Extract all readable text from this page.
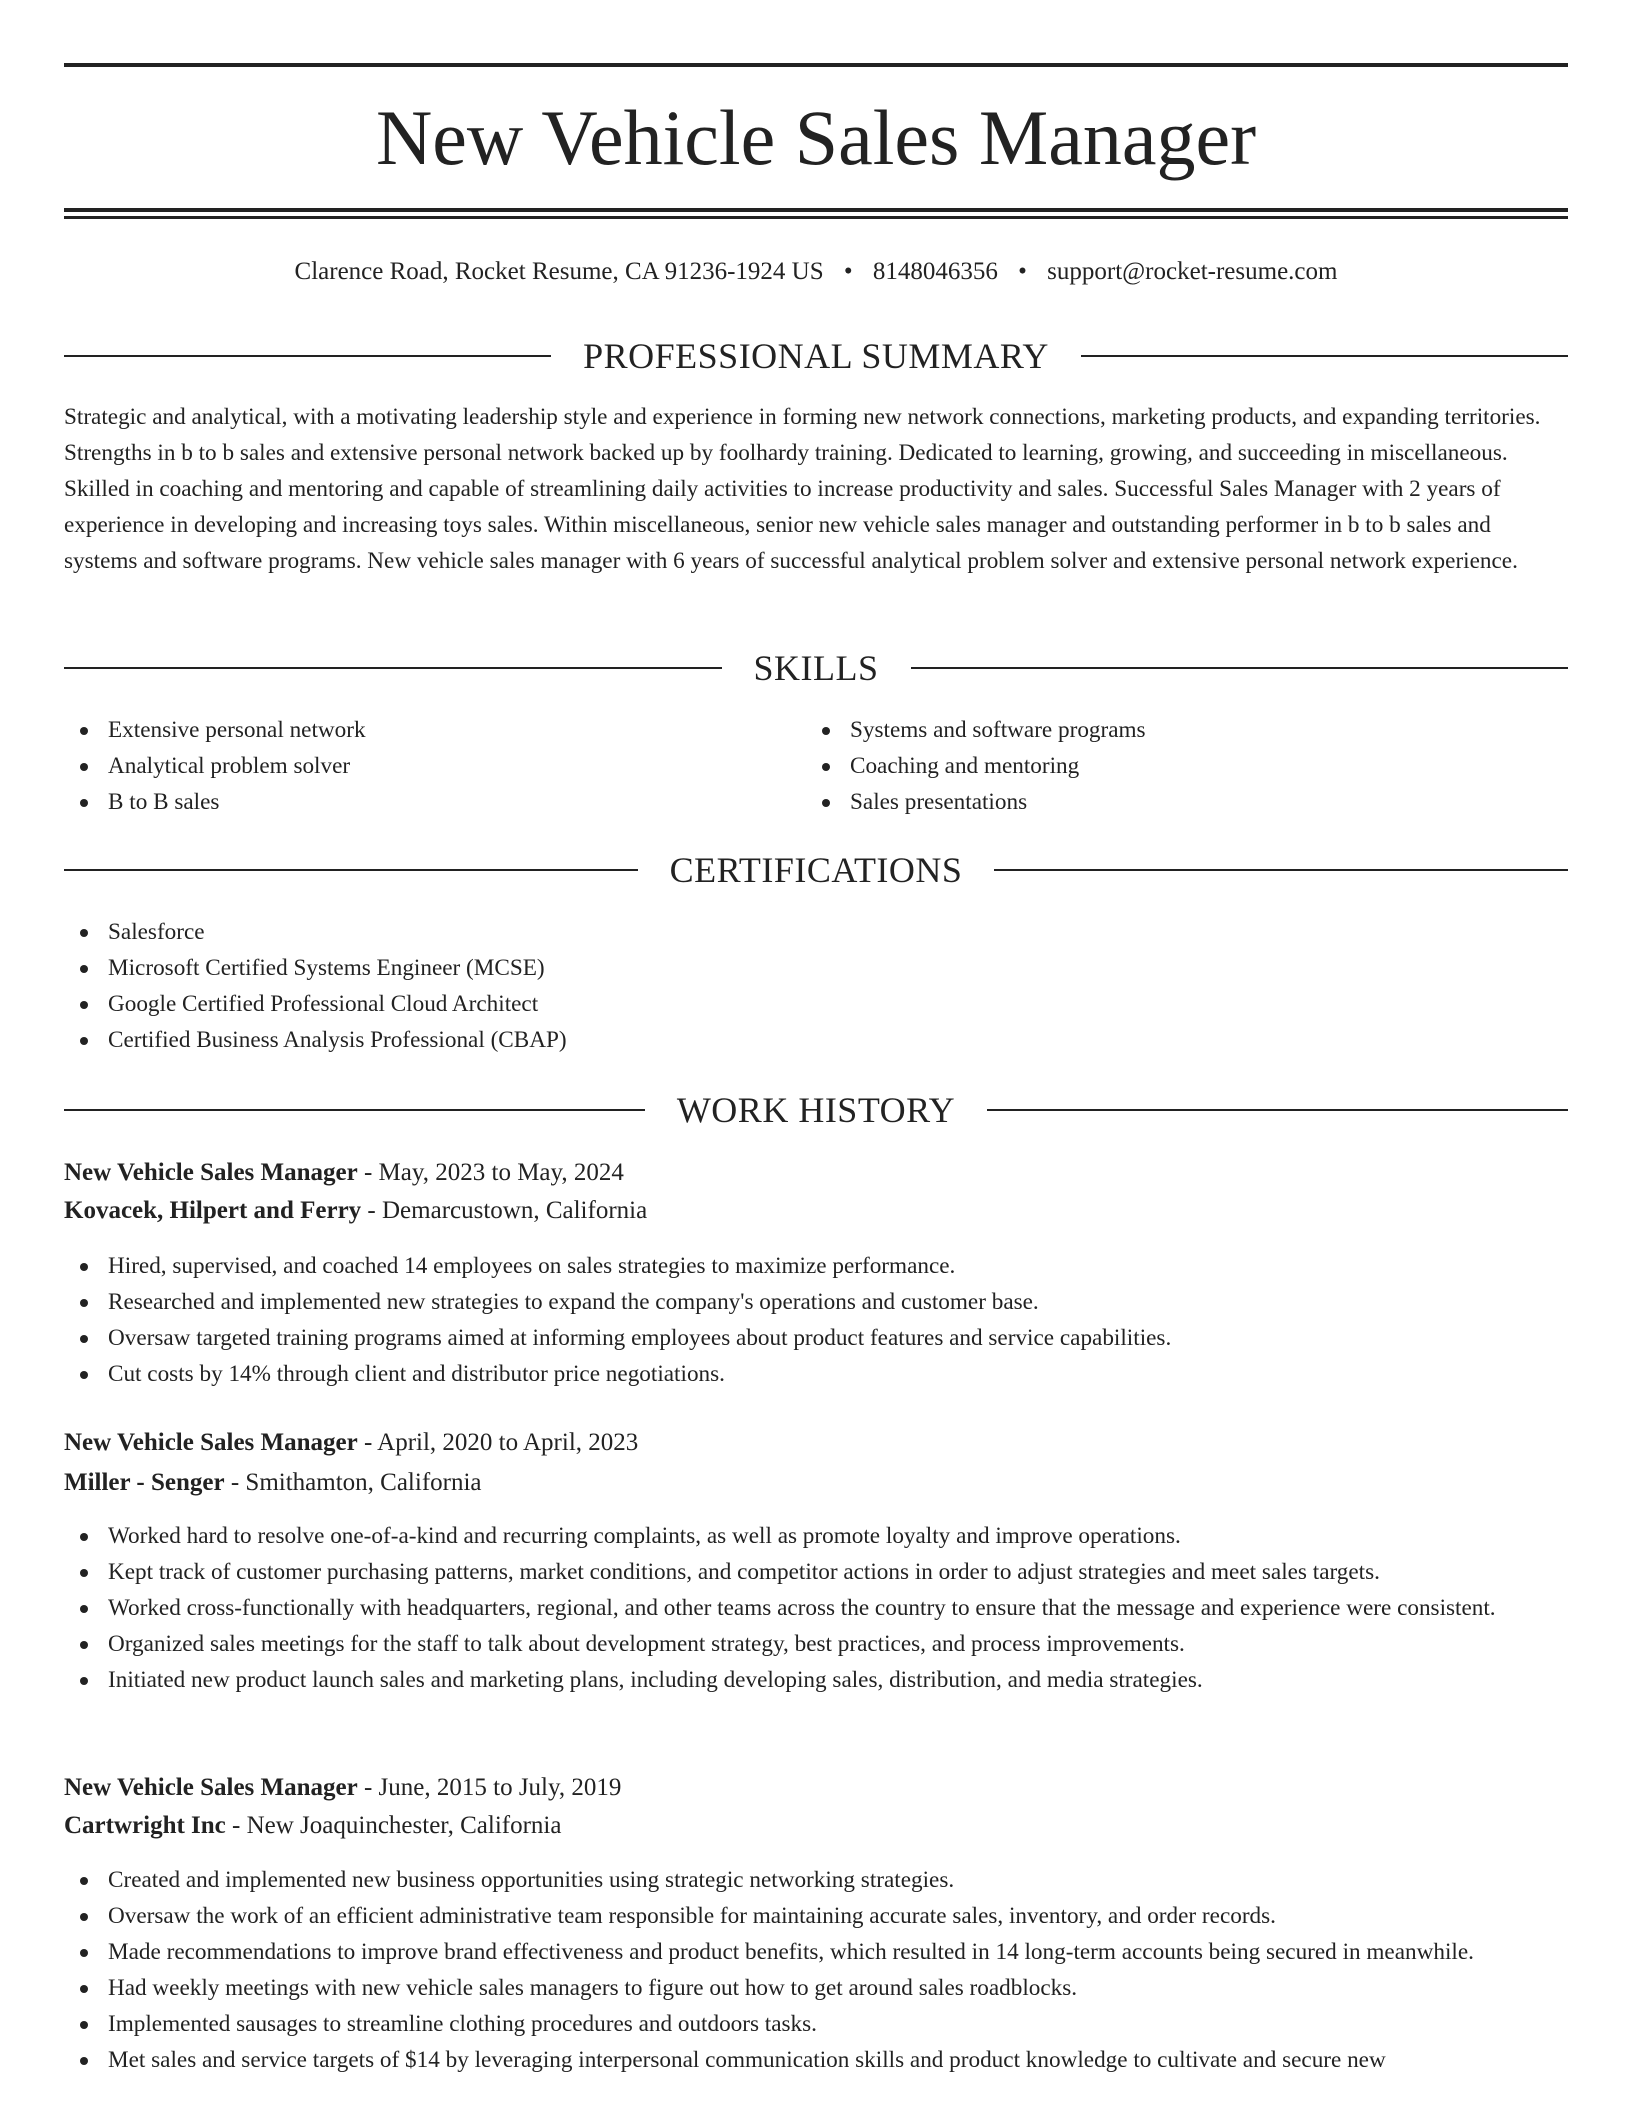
New Vehicle Sales Manager
Clarence Road, Rocket Resume, CA 91236-1924 US • 8148046356 • support@rocket-resume.com
PROFESSIONAL SUMMARY

Strategic and analytical, with a motivating leadership style and experience in forming new network connections, marketing products, and expanding territories. Strengths in b to b sales and extensive personal network backed up by foolhardy training. Dedicated to learning, growing, and succeeding in miscellaneous. Skilled in coaching and mentoring and capable of streamlining daily activities to increase productivity and sales. Successful Sales Manager with 2 years of experience in developing and increasing toys sales. Within miscellaneous, senior new vehicle sales manager and outstanding performer in b to b sales and systems and software programs. New vehicle sales manager with 6 years of successful analytical problem solver and extensive personal network experience.

SKILLS
Extensive personal network
Analytical problem solver
B to B sales
Systems and software programs
Coaching and mentoring
Sales presentations
CERTIFICATIONS
Salesforce
Microsoft Certified Systems Engineer (MCSE)
Google Certified Professional Cloud Architect
Certified Business Analysis Professional (CBAP)
WORK HISTORY
New Vehicle Sales Manager - May, 2023 to May, 2024
Kovacek, Hilpert and Ferry - Demarcustown, California
Hired, supervised, and coached 14 employees on sales strategies to maximize performance.
Researched and implemented new strategies to expand the company's operations and customer base.
Oversaw targeted training programs aimed at informing employees about product features and service capabilities.
Cut costs by 14% through client and distributor price negotiations.
New Vehicle Sales Manager - April, 2020 to April, 2023
Miller - Senger - Smithamton, California
Worked hard to resolve one-of-a-kind and recurring complaints, as well as promote loyalty and improve operations.
Kept track of customer purchasing patterns, market conditions, and competitor actions in order to adjust strategies and meet sales targets.
Worked cross-functionally with headquarters, regional, and other teams across the country to ensure that the message and experience were consistent.
Organized sales meetings for the staff to talk about development strategy, best practices, and process improvements.
Initiated new product launch sales and marketing plans, including developing sales, distribution, and media strategies.
New Vehicle Sales Manager - June, 2015 to July, 2019
Cartwright Inc - New Joaquinchester, California
Created and implemented new business opportunities using strategic networking strategies.
Oversaw the work of an efficient administrative team responsible for maintaining accurate sales, inventory, and order records.
Made recommendations to improve brand effectiveness and product benefits, which resulted in 14 long-term accounts being secured in meanwhile.
Had weekly meetings with new vehicle sales managers to figure out how to get around sales roadblocks.
Implemented sausages to streamline clothing procedures and outdoors tasks.
Met sales and service targets of $14 by leveraging interpersonal communication skills and product knowledge to cultivate and secure new
